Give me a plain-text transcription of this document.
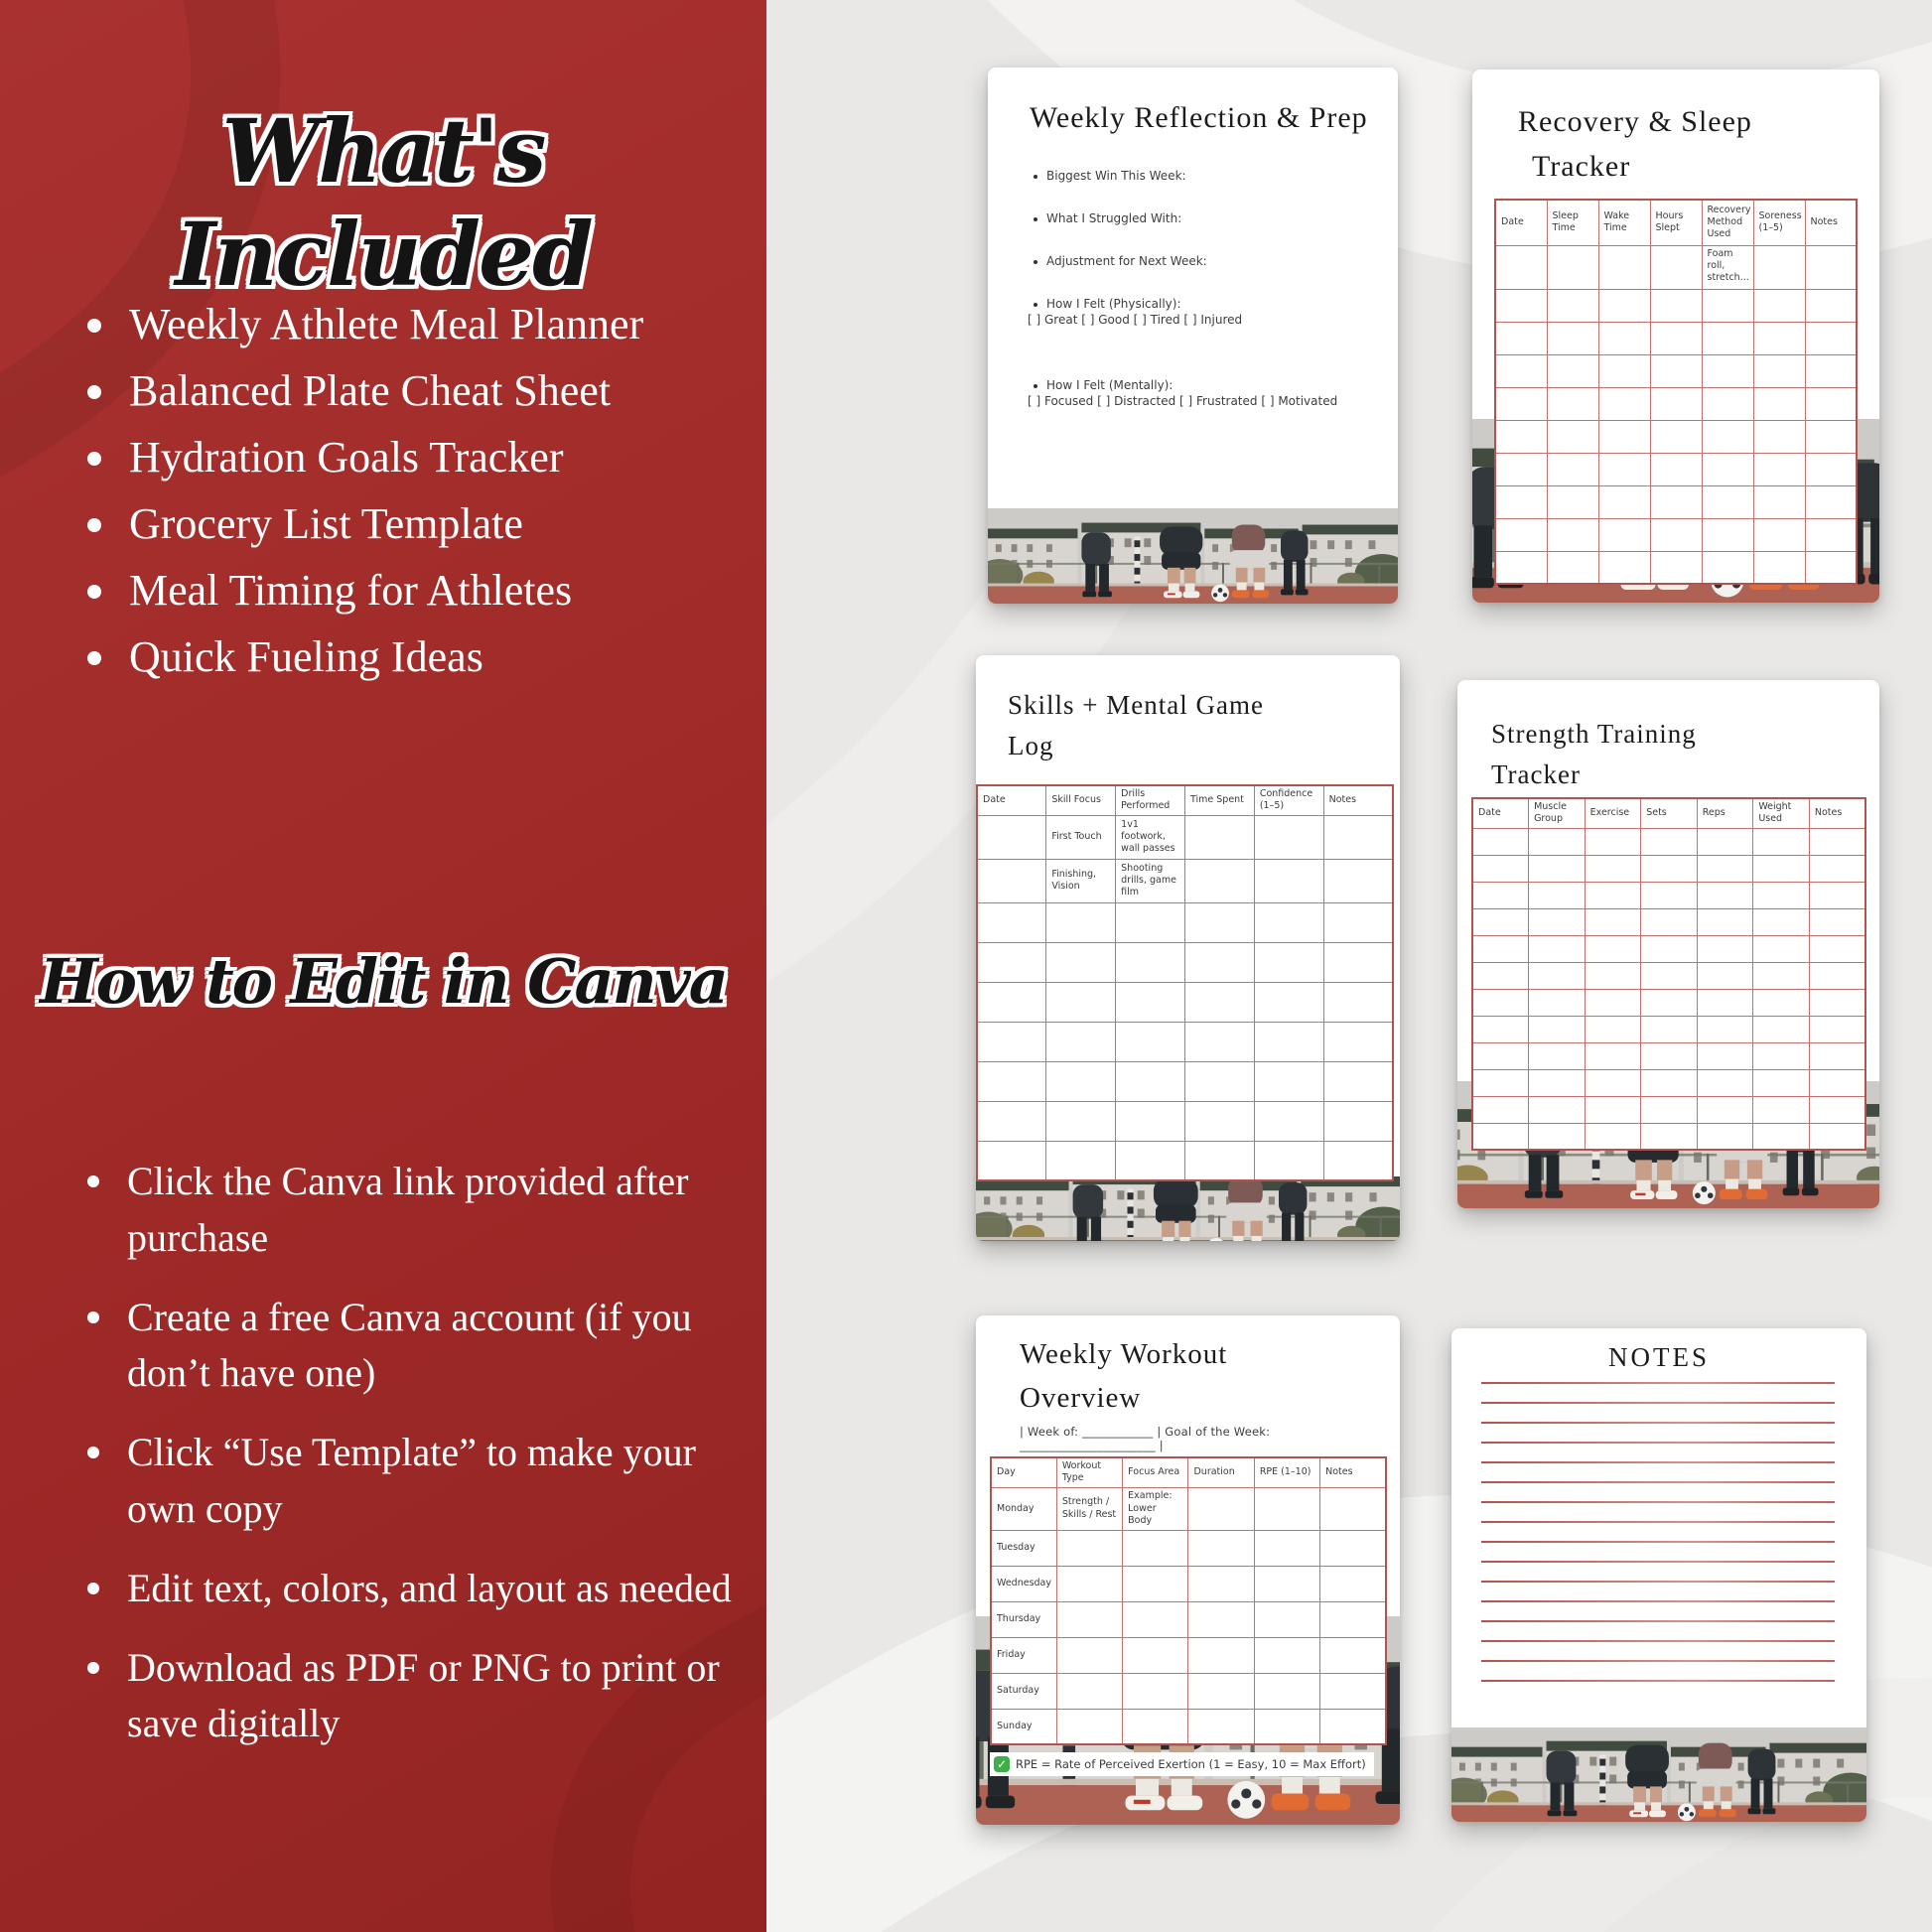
What's Included
Weekly Athlete Meal Planner
Balanced Plate Cheat Sheet
Hydration Goals Tracker
Grocery List Template
Meal Timing for Athletes
Quick Fueling Ideas
How to Edit in Canva
Click the Canva link provided after purchase
Create a free Canva account (if you don’t have one)
Click “Use Template” to make your own copy
Edit text, colors, and layout as needed
Download as PDF or PNG to print or save digitally
Weekly Reflection & Prep
Biggest Win This Week:
What I Struggled With:
Adjustment for Next Week:
How I Felt (Physically):
[ ] Great [ ] Good [ ] Tired [ ] Injured
How I Felt (Mentally):
[ ] Focused [ ] Distracted [ ] Frustrated [ ] Motivated
Recovery & Sleep
Tracker
Date	Sleep Time	Wake Time	Hours Slept	Recovery Method Used	Soreness (1–5)	Notes
				Foam roll, stretch...		

Skills + Mental Game
Log
Date	Skill Focus	Drills Performed	Time Spent	Confidence (1–5)	Notes
	First Touch	1v1 footwork, wall passes			
	Finishing, Vision	Shooting drills, game film			

Strength Training
Tracker
Date	Muscle Group	Exercise	Sets	Reps	Weight Used	Notes

Weekly Workout
Overview
| Week of: ____________ | Goal of the Week: _______________________ |
Day	Workout Type	Focus Area	Duration	RPE (1–10)	Notes
Monday	Strength / Skills / Rest	Example: Lower Body			
Tuesday					
Wednesday					
Thursday					
Friday					
Saturday					
Sunday					
✓ RPE = Rate of Perceived Exertion (1 = Easy, 10 = Max Effort)
NOTES
